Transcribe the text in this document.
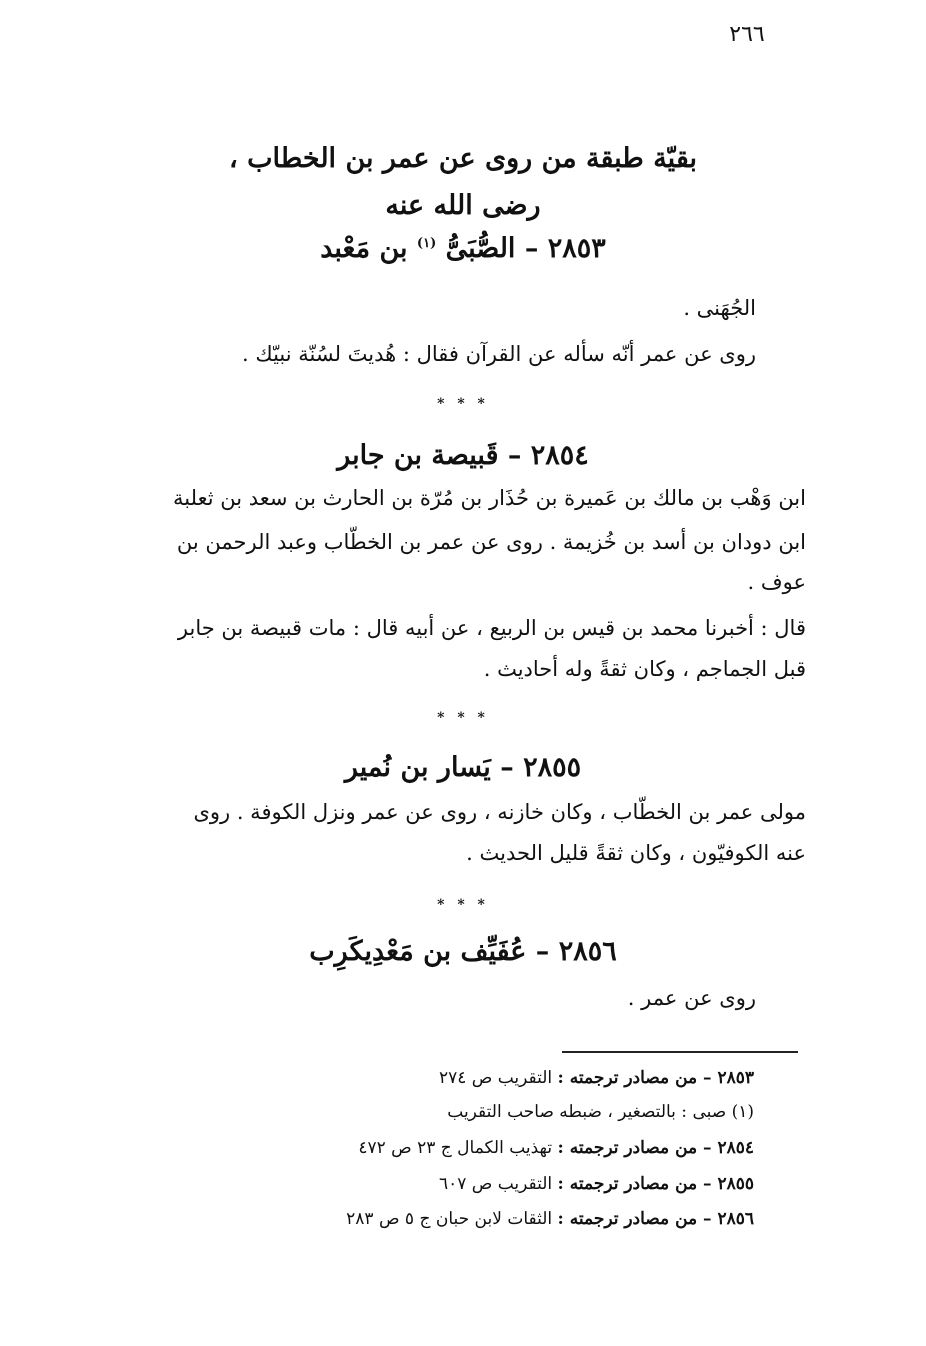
٢٦٦
بقيّة طبقة من روى عن عمر بن الخطاب ،
رضى الله عنه
٢٨٥٣ – الصُّبَىُّ $^{(١)}$ بن مَعْبد
الجُهَنى .
روى عن عمر أنّه سأله عن القرآن فقال : هُديتَ لسُنّة نبيّك .
* * *
٢٨٥٤ – قَبيصة بن جابر
ابن وَهْب بن مالك بن عَميرة بن حُذَار بن مُرّة بن الحارث بن سعد بن ثعلبة
ابن دودان بن أسد بن خُزيمة . روى عن عمر بن الخطّاب وعبد الرحمن بن
عوف .
قال : أخبرنا محمد بن قيس بن الربيع ، عن أبيه قال : مات قبيصة بن جابر
قبل الجماجم ، وكان ثقةً وله أحاديث .
* * *
٢٨٥٥ – يَسار بن نُمير
مولى عمر بن الخطّاب ، وكان خازنه ، روى عن عمر ونزل الكوفة . روى
عنه الكوفيّون ، وكان ثقةً قليل الحديث .
* * *
٢٨٥٦ – عُفَيِّف بن مَعْدِيكَرِب
روى عن عمر .
٢٨٥٣ – من مصادر ترجمته : التقريب ص ٢٧٤
(١) صبى : بالتصغير ، ضبطه صاحب التقريب
٢٨٥٤ – من مصادر ترجمته : تهذيب الكمال ج ٢٣ ص ٤٧٢
٢٨٥٥ – من مصادر ترجمته : التقريب ص ٦٠٧
٢٨٥٦ – من مصادر ترجمته : الثقات لابن حبان ج ٥ ص ٢٨٣
